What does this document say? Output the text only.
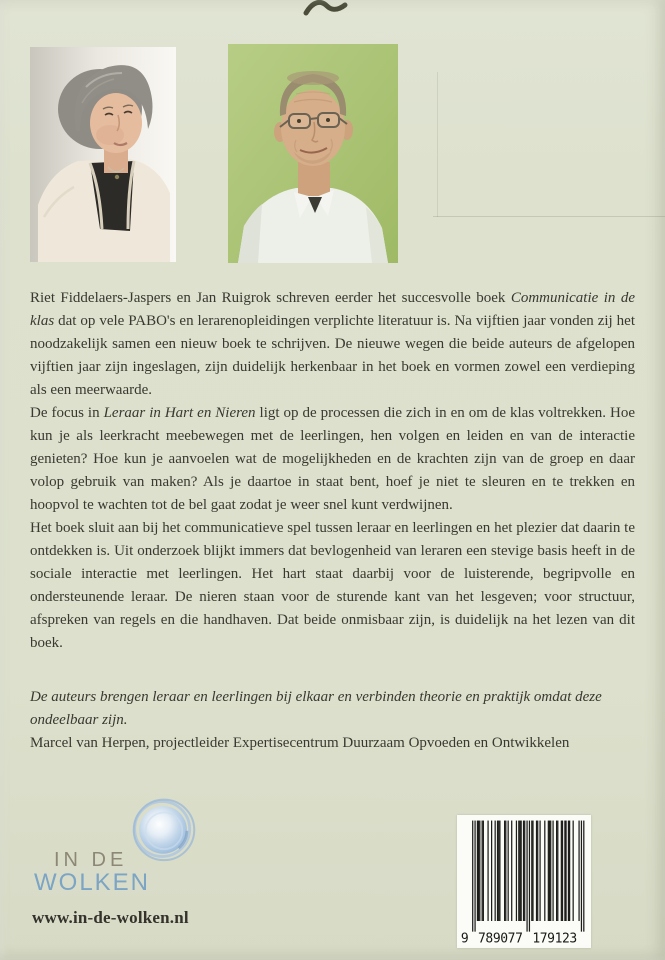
Riet Fiddelaers-Jaspers en Jan Ruigrok schreven eerder het succesvolle boek Communicatie in de klas dat op vele PABO's en lerarenopleidingen verplichte literatuur is. Na vijftien jaar vonden zij het noodzakelijk samen een nieuw boek te schrijven. De nieuwe wegen die beide auteurs de afgelopen vijftien jaar zijn ingeslagen, zijn duidelijk herkenbaar in het boek en vormen zowel een verdieping als een meerwaarde.

De focus in Leraar in Hart en Nieren ligt op de processen die zich in en om de klas voltrekken. Hoe kun je als leerkracht meebewegen met de leerlingen, hen volgen en leiden en van de interactie genieten? Hoe kun je aanvoelen wat de mogelijkheden en de krachten zijn van de groep en daar volop gebruik van maken? Als je daartoe in staat bent, hoef je niet te sleuren en te trekken en hoopvol te wachten tot de bel gaat zodat je weer snel kunt verdwijnen.

Het boek sluit aan bij het communicatieve spel tussen leraar en leerlingen en het plezier dat daarin te ontdekken is. Uit onderzoek blijkt immers dat bevlogenheid van leraren een stevige basis heeft in de sociale interactie met leerlingen. Het hart staat daarbij voor de luisterende, begripvolle en ondersteunende leraar. De nieren staan voor de sturende kant van het lesgeven; voor structuur, afspreken van regels en die handhaven. Dat beide onmisbaar zijn, is duidelijk na het lezen van dit boek.

De auteurs brengen leraar en leerlingen bij elkaar en verbinden theorie en praktijk omdat deze ondeelbaar zijn.

Marcel van Herpen, projectleider Expertisecentrum Duurzaam Opvoeden en Ontwikkelen

IN DE
WOLKEN
www.in-de-wolken.nl
9 789077 179123
